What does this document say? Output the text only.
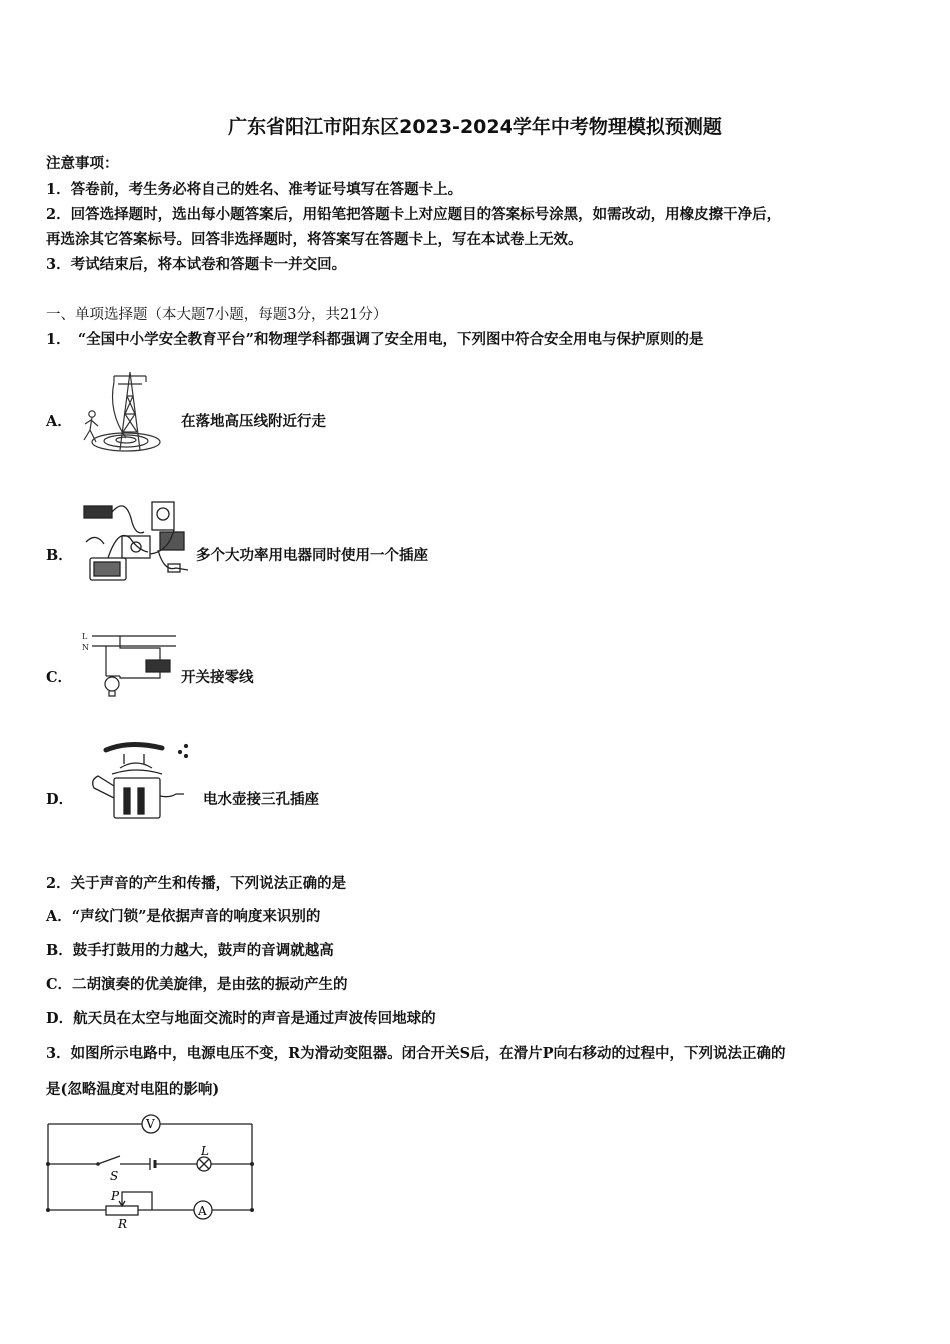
广东省阳江市阳东区2023-2024学年中考物理模拟预测题
注意事项：
1．答卷前，考生务必将自己的姓名、准考证号填写在答题卡上。
2．回答选择题时，选出每小题答案后，用铅笔把答题卡上对应题目的答案标号涂黑，如需改动，用橡皮擦干净后，
再选涂其它答案标号。回答非选择题时，将答案写在答题卡上，写在本试卷上无效。
3．考试结束后，将本试卷和答题卡一并交回。
一、单项选择题（本大题7小题，每题3分，共21分）
1．　“全国中小学安全教育平台”和物理学科都强调了安全用电，下列图中符合安全用电与保护原则的是
A．	在落地高压线附近行走
B．	多个大功率用电器同时使用一个插座
C．
L
N
开关接零线
D．	电水壶接三孔插座
2．关于声音的产生和传播，下列说法正确的是
A．“声纹门锁”是依据声音的响度来识别的
B．鼓手打鼓用的力越大，鼓声的音调就越高
C．二胡演奏的优美旋律，是由弦的振动产生的
D．航天员在太空与地面交流时的声音是通过声波传回地球的
3．如图所示电路中，电源电压不变，R为滑动变阻器。闭合开关S后，在滑片P向右移动的过程中，下列说法正确的
是(忽略温度对电阻的影响)
V
A
L
S
P
R
